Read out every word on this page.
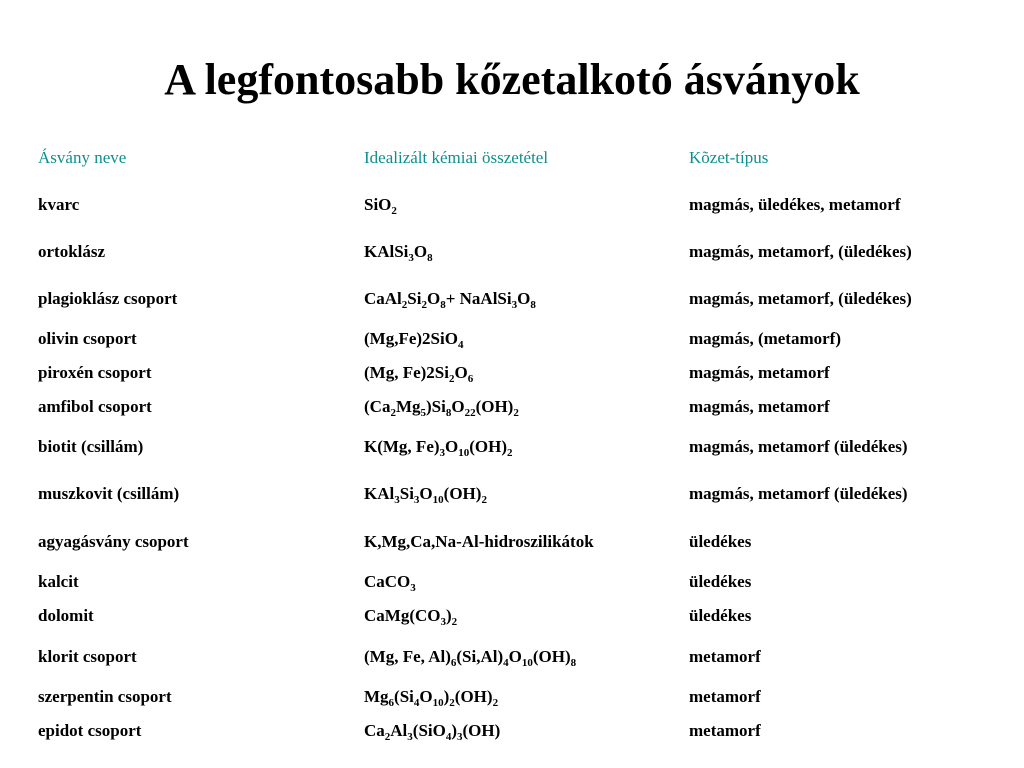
A legfontosabb kőzetalkotó ásványok
Ásvány neve	Idealizált kémiai összetétel	Kõzet-típus
kvarc	SiO$_2$	magmás, üledékes, metamorf
ortoklász	$KAlSi_3O_8$	magmás, metamorf, (üledékes)
plagioklász csoport	$CaAl_2Si_2O_8+$ $NaAlSi_3O_8$	magmás, metamorf, (üledékes)
olivin csoport	(Mg,Fe)2SiO$_4$	magmás, (metamorf)
piroxén csoport	(Mg, $Fe)2Si_2O_6$	magmás, metamorf
amfibol csoport	$(Ca_2Mg_5)Si_8O_{22}(OH)_2$	magmás, metamorf
biotit (csillám)	K(Mg, $Fe)_3O_{10}(OH)_2$	magmás, metamorf (üledékes)
muszkovit (csillám)	$KAl_3Si_3O_{10}(OH)_2$	magmás, metamorf (üledékes)
agyagásvány csoport	K,Mg,Ca,Na-Al-hidroszilikátok	üledékes
kalcit	CaCO$_3$	üledékes
dolomit	$CaMg(CO_3)_2$	üledékes
klorit csoport	(Mg, Fe, $Al)_6(Si,Al)_4O_{10}(OH)_8$	metamorf
szerpentin csoport	$Mg_6(Si_4O_{10})_2(OH)_2$	metamorf
epidot csoport	$Ca_2Al_3(SiO_4)_3(OH)$	metamorf
